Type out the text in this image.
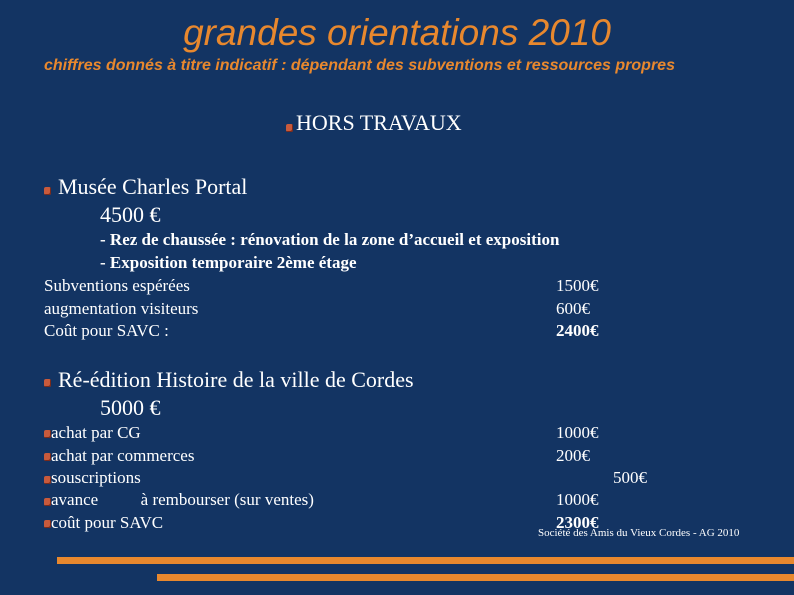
grandes orientations 2010
chiffres donnés à titre indicatif : dépendant des subventions et ressources propres
HORS TRAVAUX
Musée Charles Portal
4500 €
- Rez de chaussée : rénovation de la zone d’accueil et exposition
- Exposition temporaire 2ème étage
Subventions espérées	1500€
augmentation visiteurs	600€
Coût pour SAVC :	2400€
Ré-édition Histoire de la ville de Cordes
5000 €
achat par CG	1000€
achat par commerces	200€
souscriptions	500€
avance          à rembourser (sur ventes)	1000€
coût pour SAVC	2300€
Société des Amis du Vieux Cordes - AG 2010
